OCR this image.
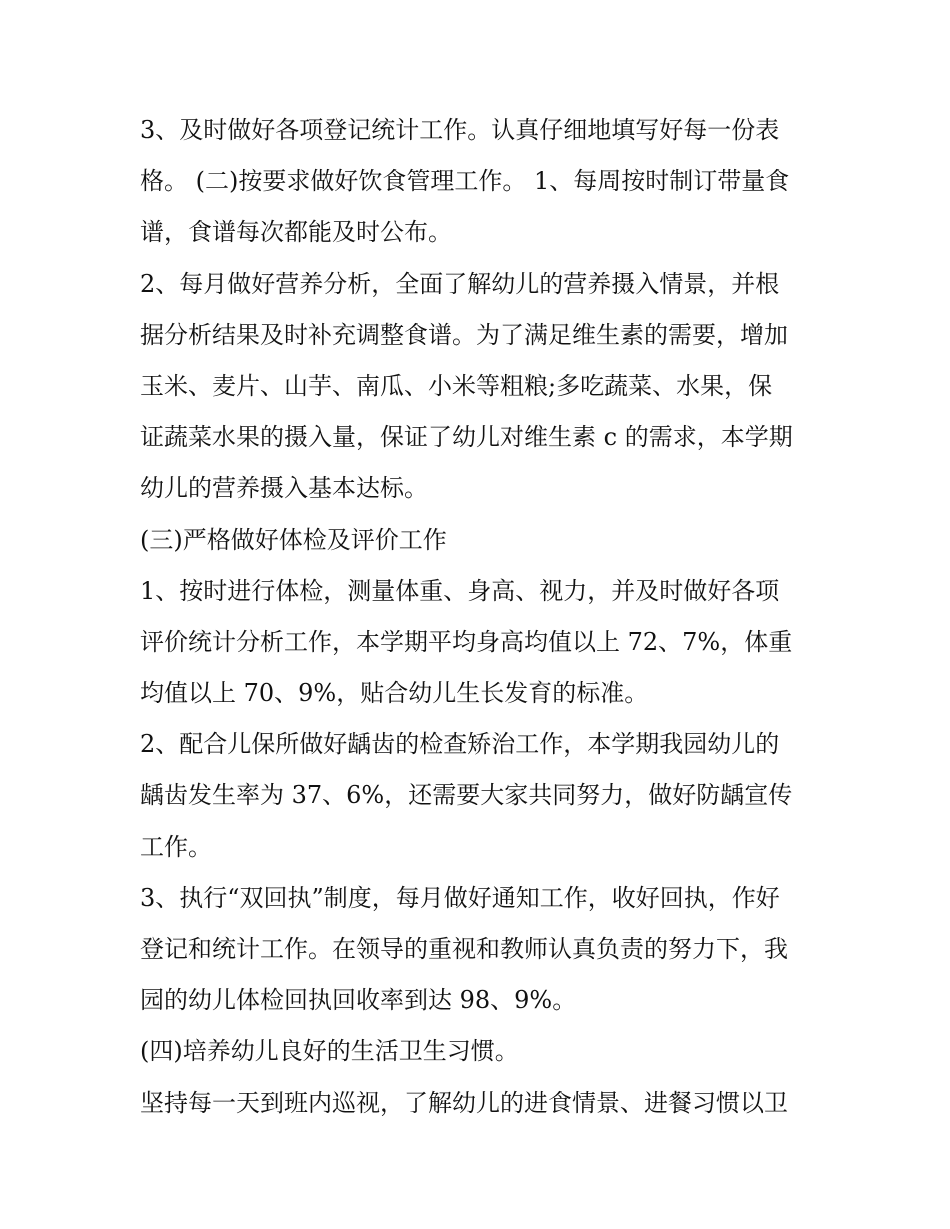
3、及时做好各项登记统计工作。认真仔细地填写好每一份表
格。 (二)按要求做好饮食管理工作。 1、每周按时制订带量食
谱，食谱每次都能及时公布。
2、每月做好营养分析，全面了解幼儿的营养摄入情景，并根
据分析结果及时补充调整食谱。为了满足维生素的需要，增加
玉米、麦片、山芋、南瓜、小米等粗粮;多吃蔬菜、水果，保
证蔬菜水果的摄入量，保证了幼儿对维生素 c 的需求，本学期
幼儿的营养摄入基本达标。
(三)严格做好体检及评价工作
1、按时进行体检，测量体重、身高、视力，并及时做好各项
评价统计分析工作，本学期平均身高均值以上 72、7%，体重
均值以上 70、9%，贴合幼儿生长发育的标准。
2、配合儿保所做好龋齿的检查矫治工作，本学期我园幼儿的
龋齿发生率为 37、6%，还需要大家共同努力，做好防龋宣传
工作。
3、执行“双回执”制度，每月做好通知工作，收好回执，作好
登记和统计工作。在领导的重视和教师认真负责的努力下，我
园的幼儿体检回执回收率到达 98、9%。
(四)培养幼儿良好的生活卫生习惯。
坚持每一天到班内巡视，了解幼儿的进食情景、进餐习惯以卫
